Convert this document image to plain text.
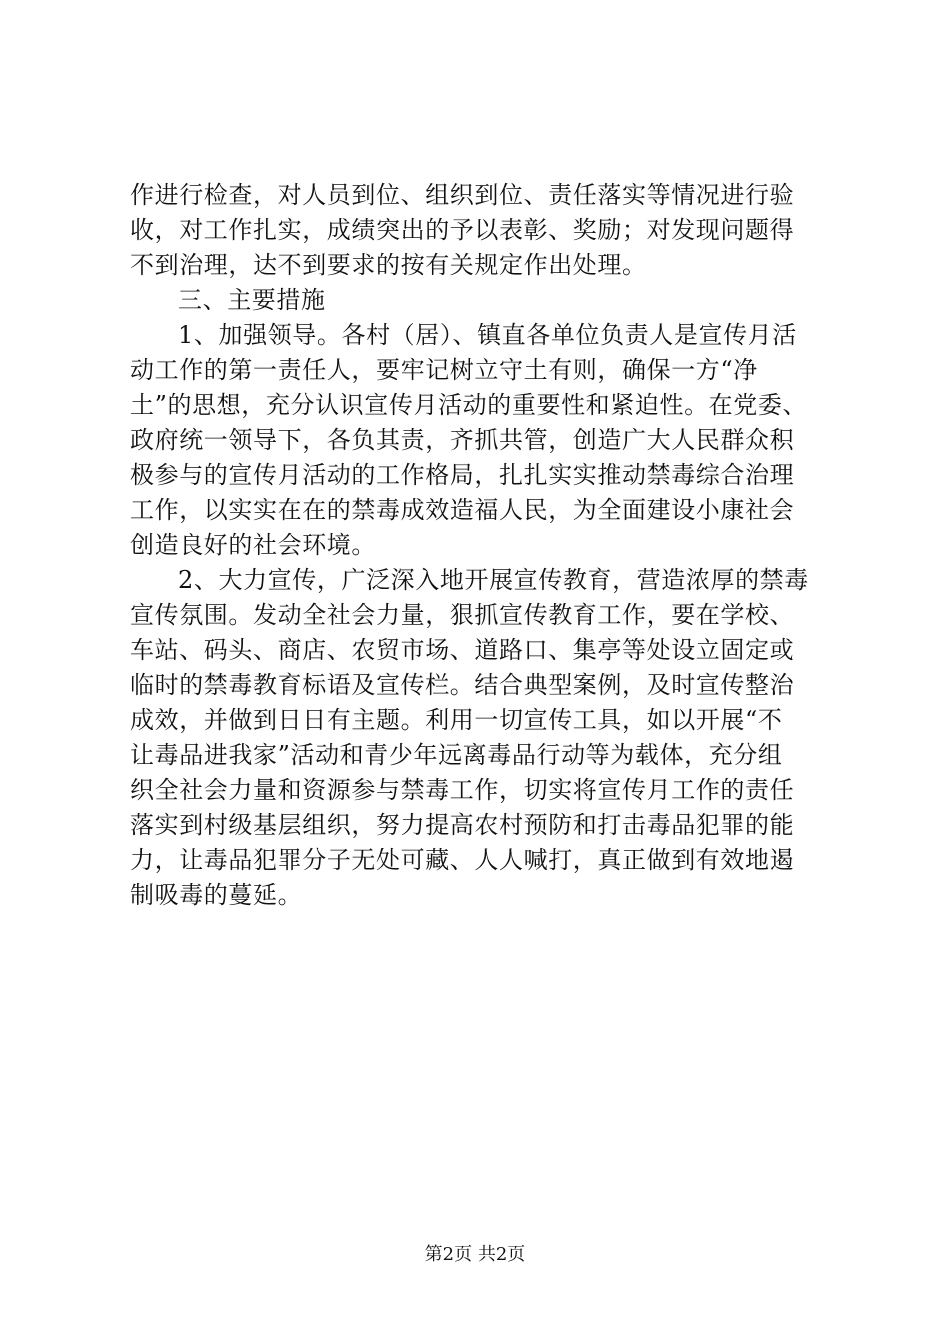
作进行检查，对人员到位、组织到位、责任落实等情况进行验
收，对工作扎实，成绩突出的予以表彰、奖励；对发现问题得
不到治理，达不到要求的按有关规定作出处理。
三、主要措施
1、加强领导。各村（居）、镇直各单位负责人是宣传月活
动工作的第一责任人，要牢记树立守土有则，确保一方“净
土”的思想，充分认识宣传月活动的重要性和紧迫性。在党委、
政府统一领导下，各负其责，齐抓共管，创造广大人民群众积
极参与的宣传月活动的工作格局，扎扎实实推动禁毒综合治理
工作，以实实在在的禁毒成效造福人民，为全面建设小康社会
创造良好的社会环境。
2、大力宣传，广泛深入地开展宣传教育，营造浓厚的禁毒
宣传氛围。发动全社会力量，狠抓宣传教育工作，要在学校、
车站、码头、商店、农贸市场、道路口、集亭等处设立固定或
临时的禁毒教育标语及宣传栏。结合典型案例，及时宣传整治
成效，并做到日日有主题。利用一切宣传工具，如以开展“不
让毒品进我家”活动和青少年远离毒品行动等为载体，充分组
织全社会力量和资源参与禁毒工作，切实将宣传月工作的责任
落实到村级基层组织，努力提高农村预防和打击毒品犯罪的能
力，让毒品犯罪分子无处可藏、人人喊打，真正做到有效地遏
制吸毒的蔓延。
第2页 共2页
